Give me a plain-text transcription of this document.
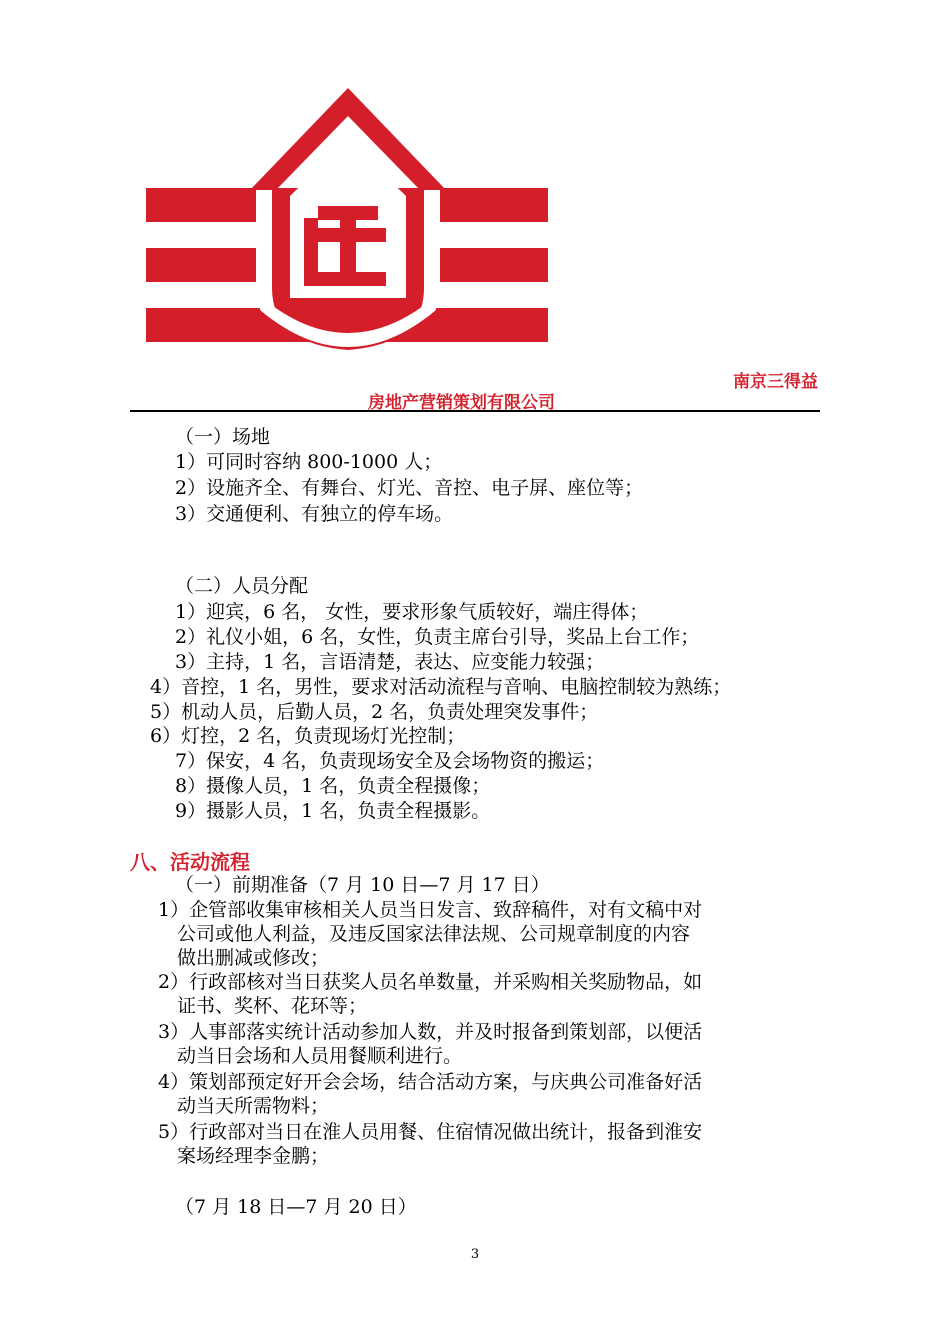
南京三得益
房地产营销策划有限公司
（一）场地
1）可同时容纳 800-1000 人；
2）设施齐全、有舞台、灯光、音控、电子屏、座位等；
3）交通便利、有独立的停车场。
（二）人员分配
1）迎宾，6 名， 女性，要求形象气质较好，端庄得体；
2）礼仪小姐，6 名，女性，负责主席台引导，奖品上台工作；
3）主持，1 名，言语清楚，表达、应变能力较强；
4）音控，1 名，男性，要求对活动流程与音响、电脑控制较为熟练；
5）机动人员，后勤人员，2 名，负责处理突发事件；
6）灯控，2 名，负责现场灯光控制；
7）保安，4 名，负责现场安全及会场物资的搬运；
8）摄像人员，1 名，负责全程摄像；
9）摄影人员，1 名，负责全程摄影。
八、活动流程
（一）前期准备（7 月 10 日—7 月 17 日）
1）企管部收集审核相关人员当日发言、致辞稿件，对有文稿中对
公司或他人利益，及违反国家法律法规、公司规章制度的内容
做出删减或修改；
2）行政部核对当日获奖人员名单数量，并采购相关奖励物品，如
证书、奖杯、花环等；
3）人事部落实统计活动参加人数，并及时报备到策划部，以便活
动当日会场和人员用餐顺利进行。
4）策划部预定好开会会场，结合活动方案，与庆典公司准备好活
动当天所需物料；
5）行政部对当日在淮人员用餐、住宿情况做出统计，报备到淮安
案场经理李金鹏；
（7 月 18 日—7 月 20 日）
3
